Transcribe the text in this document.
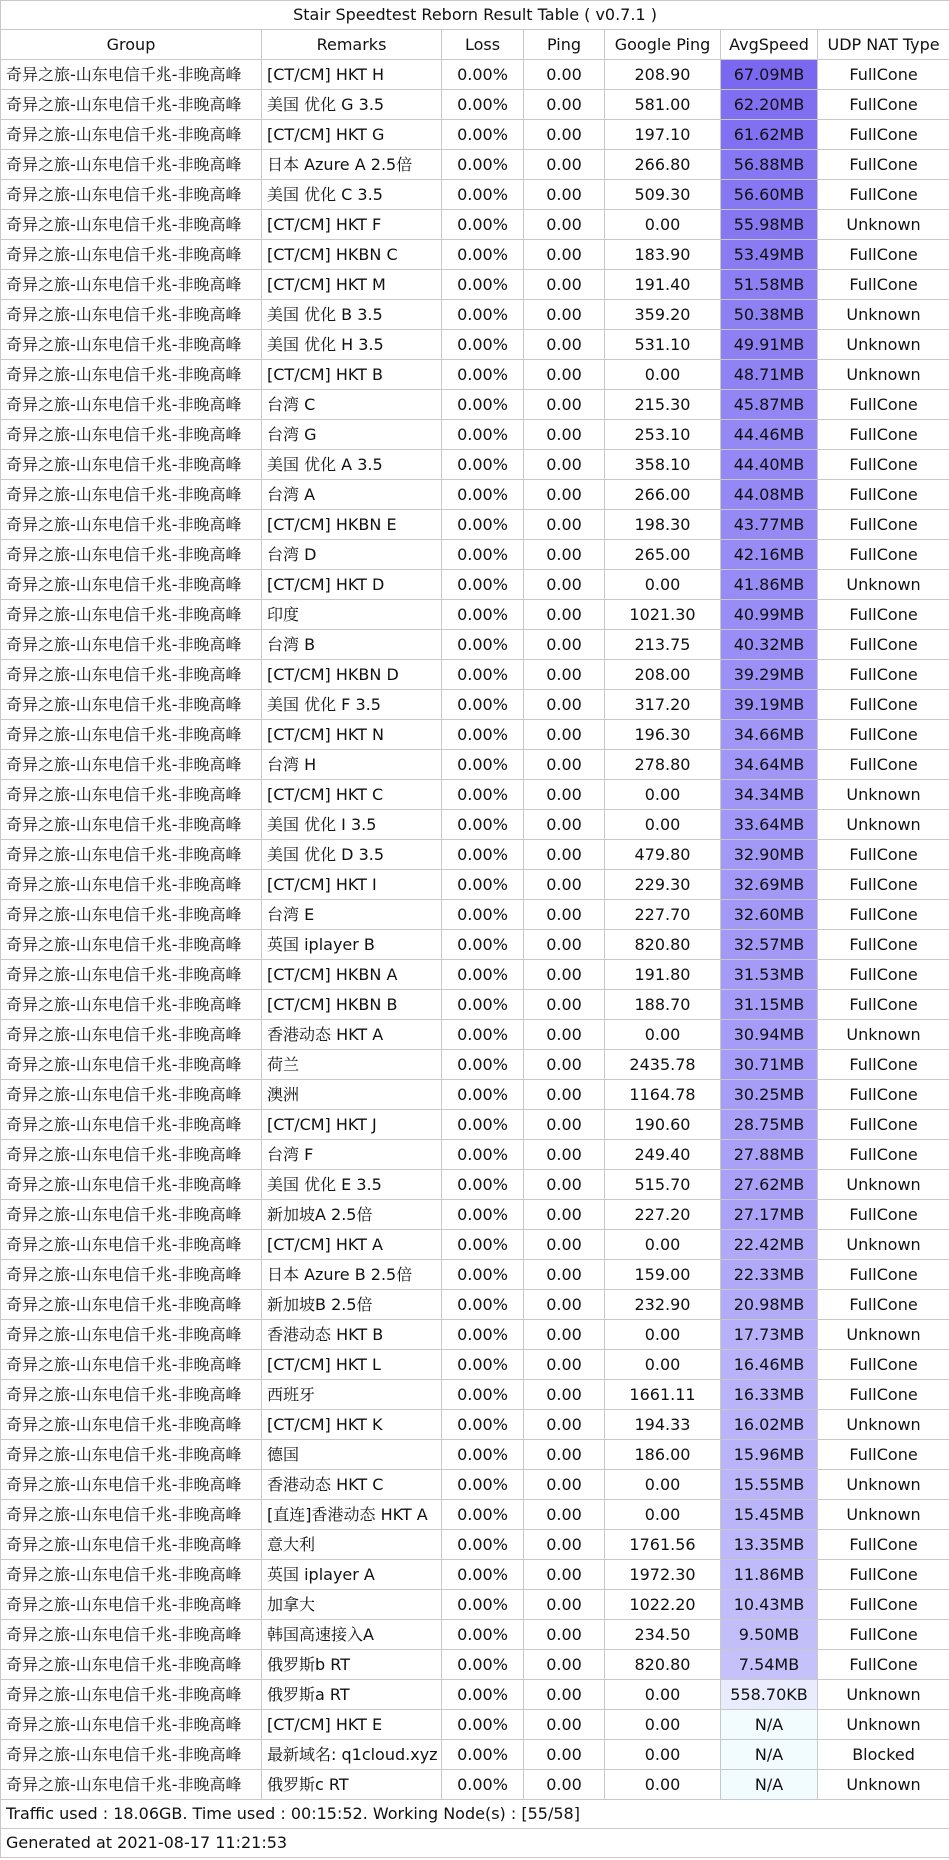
Stair Speedtest Reborn Result Table ( v0.7.1 )						
Group	Remarks	Loss	Ping	Google Ping	AvgSpeed	UDP NAT Type
奇异之旅-山东电信千兆-非晚高峰	[CT/CM] HKT H	0.00%	0.00	208.90	67.09MB	FullCone
奇异之旅-山东电信千兆-非晚高峰	美国 优化 G 3.5	0.00%	0.00	581.00	62.20MB	FullCone
奇异之旅-山东电信千兆-非晚高峰	[CT/CM] HKT G	0.00%	0.00	197.10	61.62MB	FullCone
奇异之旅-山东电信千兆-非晚高峰	日本 Azure A 2.5倍	0.00%	0.00	266.80	56.88MB	FullCone
奇异之旅-山东电信千兆-非晚高峰	美国 优化 C 3.5	0.00%	0.00	509.30	56.60MB	FullCone
奇异之旅-山东电信千兆-非晚高峰	[CT/CM] HKT F	0.00%	0.00	0.00	55.98MB	Unknown
奇异之旅-山东电信千兆-非晚高峰	[CT/CM] HKBN C	0.00%	0.00	183.90	53.49MB	FullCone
奇异之旅-山东电信千兆-非晚高峰	[CT/CM] HKT M	0.00%	0.00	191.40	51.58MB	FullCone
奇异之旅-山东电信千兆-非晚高峰	美国 优化 B 3.5	0.00%	0.00	359.20	50.38MB	Unknown
奇异之旅-山东电信千兆-非晚高峰	美国 优化 H 3.5	0.00%	0.00	531.10	49.91MB	Unknown
奇异之旅-山东电信千兆-非晚高峰	[CT/CM] HKT B	0.00%	0.00	0.00	48.71MB	Unknown
奇异之旅-山东电信千兆-非晚高峰	台湾 C	0.00%	0.00	215.30	45.87MB	FullCone
奇异之旅-山东电信千兆-非晚高峰	台湾 G	0.00%	0.00	253.10	44.46MB	FullCone
奇异之旅-山东电信千兆-非晚高峰	美国 优化 A 3.5	0.00%	0.00	358.10	44.40MB	FullCone
奇异之旅-山东电信千兆-非晚高峰	台湾 A	0.00%	0.00	266.00	44.08MB	FullCone
奇异之旅-山东电信千兆-非晚高峰	[CT/CM] HKBN E	0.00%	0.00	198.30	43.77MB	FullCone
奇异之旅-山东电信千兆-非晚高峰	台湾 D	0.00%	0.00	265.00	42.16MB	FullCone
奇异之旅-山东电信千兆-非晚高峰	[CT/CM] HKT D	0.00%	0.00	0.00	41.86MB	Unknown
奇异之旅-山东电信千兆-非晚高峰	印度	0.00%	0.00	1021.30	40.99MB	FullCone
奇异之旅-山东电信千兆-非晚高峰	台湾 B	0.00%	0.00	213.75	40.32MB	FullCone
奇异之旅-山东电信千兆-非晚高峰	[CT/CM] HKBN D	0.00%	0.00	208.00	39.29MB	FullCone
奇异之旅-山东电信千兆-非晚高峰	美国 优化 F 3.5	0.00%	0.00	317.20	39.19MB	FullCone
奇异之旅-山东电信千兆-非晚高峰	[CT/CM] HKT N	0.00%	0.00	196.30	34.66MB	FullCone
奇异之旅-山东电信千兆-非晚高峰	台湾 H	0.00%	0.00	278.80	34.64MB	FullCone
奇异之旅-山东电信千兆-非晚高峰	[CT/CM] HKT C	0.00%	0.00	0.00	34.34MB	Unknown
奇异之旅-山东电信千兆-非晚高峰	美国 优化 I 3.5	0.00%	0.00	0.00	33.64MB	Unknown
奇异之旅-山东电信千兆-非晚高峰	美国 优化 D 3.5	0.00%	0.00	479.80	32.90MB	FullCone
奇异之旅-山东电信千兆-非晚高峰	[CT/CM] HKT I	0.00%	0.00	229.30	32.69MB	FullCone
奇异之旅-山东电信千兆-非晚高峰	台湾 E	0.00%	0.00	227.70	32.60MB	FullCone
奇异之旅-山东电信千兆-非晚高峰	英国 iplayer B	0.00%	0.00	820.80	32.57MB	FullCone
奇异之旅-山东电信千兆-非晚高峰	[CT/CM] HKBN A	0.00%	0.00	191.80	31.53MB	FullCone
奇异之旅-山东电信千兆-非晚高峰	[CT/CM] HKBN B	0.00%	0.00	188.70	31.15MB	FullCone
奇异之旅-山东电信千兆-非晚高峰	香港动态 HKT A	0.00%	0.00	0.00	30.94MB	Unknown
奇异之旅-山东电信千兆-非晚高峰	荷兰	0.00%	0.00	2435.78	30.71MB	FullCone
奇异之旅-山东电信千兆-非晚高峰	澳洲	0.00%	0.00	1164.78	30.25MB	FullCone
奇异之旅-山东电信千兆-非晚高峰	[CT/CM] HKT J	0.00%	0.00	190.60	28.75MB	FullCone
奇异之旅-山东电信千兆-非晚高峰	台湾 F	0.00%	0.00	249.40	27.88MB	FullCone
奇异之旅-山东电信千兆-非晚高峰	美国 优化 E 3.5	0.00%	0.00	515.70	27.62MB	Unknown
奇异之旅-山东电信千兆-非晚高峰	新加坡A 2.5倍	0.00%	0.00	227.20	27.17MB	FullCone
奇异之旅-山东电信千兆-非晚高峰	[CT/CM] HKT A	0.00%	0.00	0.00	22.42MB	Unknown
奇异之旅-山东电信千兆-非晚高峰	日本 Azure B 2.5倍	0.00%	0.00	159.00	22.33MB	FullCone
奇异之旅-山东电信千兆-非晚高峰	新加坡B 2.5倍	0.00%	0.00	232.90	20.98MB	FullCone
奇异之旅-山东电信千兆-非晚高峰	香港动态 HKT B	0.00%	0.00	0.00	17.73MB	Unknown
奇异之旅-山东电信千兆-非晚高峰	[CT/CM] HKT L	0.00%	0.00	0.00	16.46MB	FullCone
奇异之旅-山东电信千兆-非晚高峰	西班牙	0.00%	0.00	1661.11	16.33MB	FullCone
奇异之旅-山东电信千兆-非晚高峰	[CT/CM] HKT K	0.00%	0.00	194.33	16.02MB	Unknown
奇异之旅-山东电信千兆-非晚高峰	德国	0.00%	0.00	186.00	15.96MB	FullCone
奇异之旅-山东电信千兆-非晚高峰	香港动态 HKT C	0.00%	0.00	0.00	15.55MB	Unknown
奇异之旅-山东电信千兆-非晚高峰	[直连]香港动态 HKT A	0.00%	0.00	0.00	15.45MB	Unknown
奇异之旅-山东电信千兆-非晚高峰	意大利	0.00%	0.00	1761.56	13.35MB	FullCone
奇异之旅-山东电信千兆-非晚高峰	英国 iplayer A	0.00%	0.00	1972.30	11.86MB	FullCone
奇异之旅-山东电信千兆-非晚高峰	加拿大	0.00%	0.00	1022.20	10.43MB	FullCone
奇异之旅-山东电信千兆-非晚高峰	韩国高速接入A	0.00%	0.00	234.50	9.50MB	FullCone
奇异之旅-山东电信千兆-非晚高峰	俄罗斯b RT	0.00%	0.00	820.80	7.54MB	FullCone
奇异之旅-山东电信千兆-非晚高峰	俄罗斯a RT	0.00%	0.00	0.00	558.70KB	Unknown
奇异之旅-山东电信千兆-非晚高峰	[CT/CM] HKT E	0.00%	0.00	0.00	N/A	Unknown
奇异之旅-山东电信千兆-非晚高峰	最新域名: q1cloud.xyz	0.00%	0.00	0.00	N/A	Blocked
奇异之旅-山东电信千兆-非晚高峰	俄罗斯c RT	0.00%	0.00	0.00	N/A	Unknown
Traffic used : 18.06GB. Time used : 00:15:52. Working Node(s) : [55/58]						
Generated at 2021-08-17 11:21:53						
